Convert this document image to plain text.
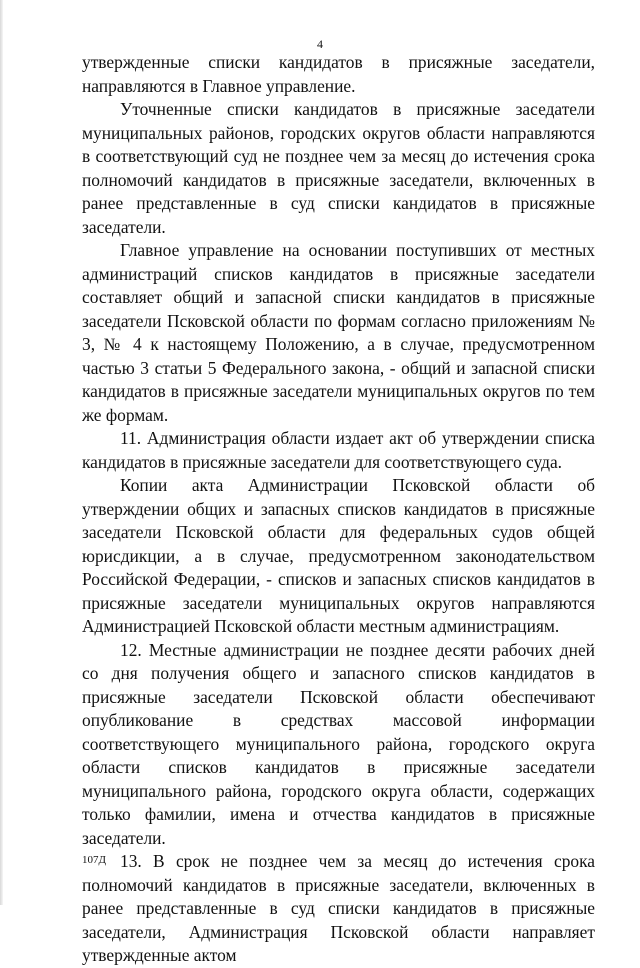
4

утвержденные списки кандидатов в присяжные заседатели, направляются в Главное управление.

Уточненные списки кандидатов в присяжные заседатели муниципальных районов, городских округов области направляются в соответствующий суд не позднее чем за месяц до истечения срока полномочий кандидатов в присяжные заседатели, включенных в ранее представленные в суд списки кандидатов в присяжные заседатели.

Главное управление на основании поступивших от местных администраций списков кандидатов в присяжные заседатели составляет общий и запасной списки кандидатов в присяжные заседатели Псковской области по формам согласно приложениям № 3, № 4 к настоящему Положению, а в случае, предусмотренном частью 3 статьи 5 Федерального закона, - общий и запасной списки кандидатов в присяжные заседатели муниципальных округов по тем же формам.

11. Администрация области издает акт об утверждении списка кандидатов в присяжные заседатели для соответствующего суда.

Копии акта Администрации Псковской области об утверждении общих и запасных списков кандидатов в присяжные заседатели Псковской области для федеральных судов общей юрисдикции, а в случае, предусмотренном законодательством Российской Федерации, - списков и запасных списков кандидатов в присяжные заседатели муниципальных округов направляются Администрацией Псковской области местным администрациям.

12. Местные администрации не позднее десяти рабочих дней со дня получения общего и запасного списков кандидатов в присяжные заседатели Псковской области обеспечивают опубликование в средствах массовой информации соответствующего муниципального района, городского округа области списков кандидатов в присяжные заседатели муниципального района, городского округа области, содержащих только фамилии, имена и отчества кандидатов в присяжные заседатели.

13. В срок не позднее чем за месяц до истечения срока полномочий кандидатов в присяжные заседатели, включенных в ранее представленные в суд списки кандидатов в присяжные заседатели, Администрация Псковской области направляет утвержденные актом

107Д
